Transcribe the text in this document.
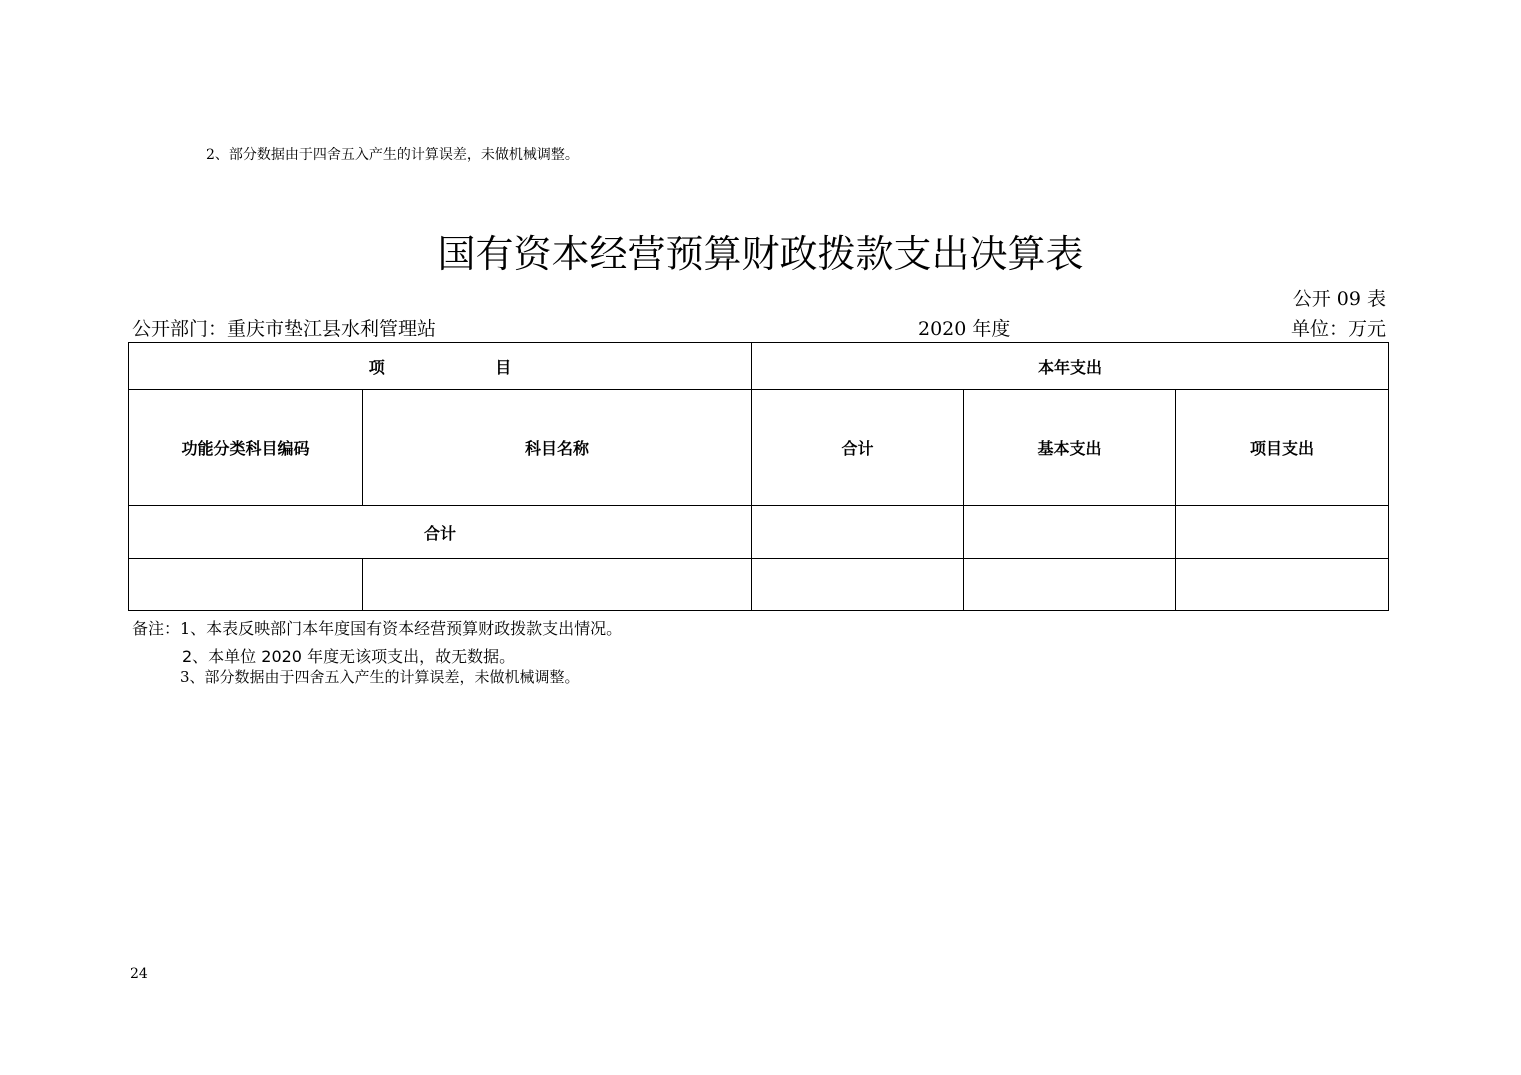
2、部分数据由于四舍五入产生的计算误差，未做机械调整。
国有资本经营预算财政拨款支出决算表
公开 09 表
公开部门：重庆市垫江县水利管理站	2020 年度	单位：万元
项 目		本年支出		
功能分类科目编码	科目名称	合计	基本支出	项目支出
合计				

备注：1、本表反映部门本年度国有资本经营预算财政拨款支出情况。
2、本单位 2020 年度无该项支出，故无数据。
3、部分数据由于四舍五入产生的计算误差，未做机械调整。
24
